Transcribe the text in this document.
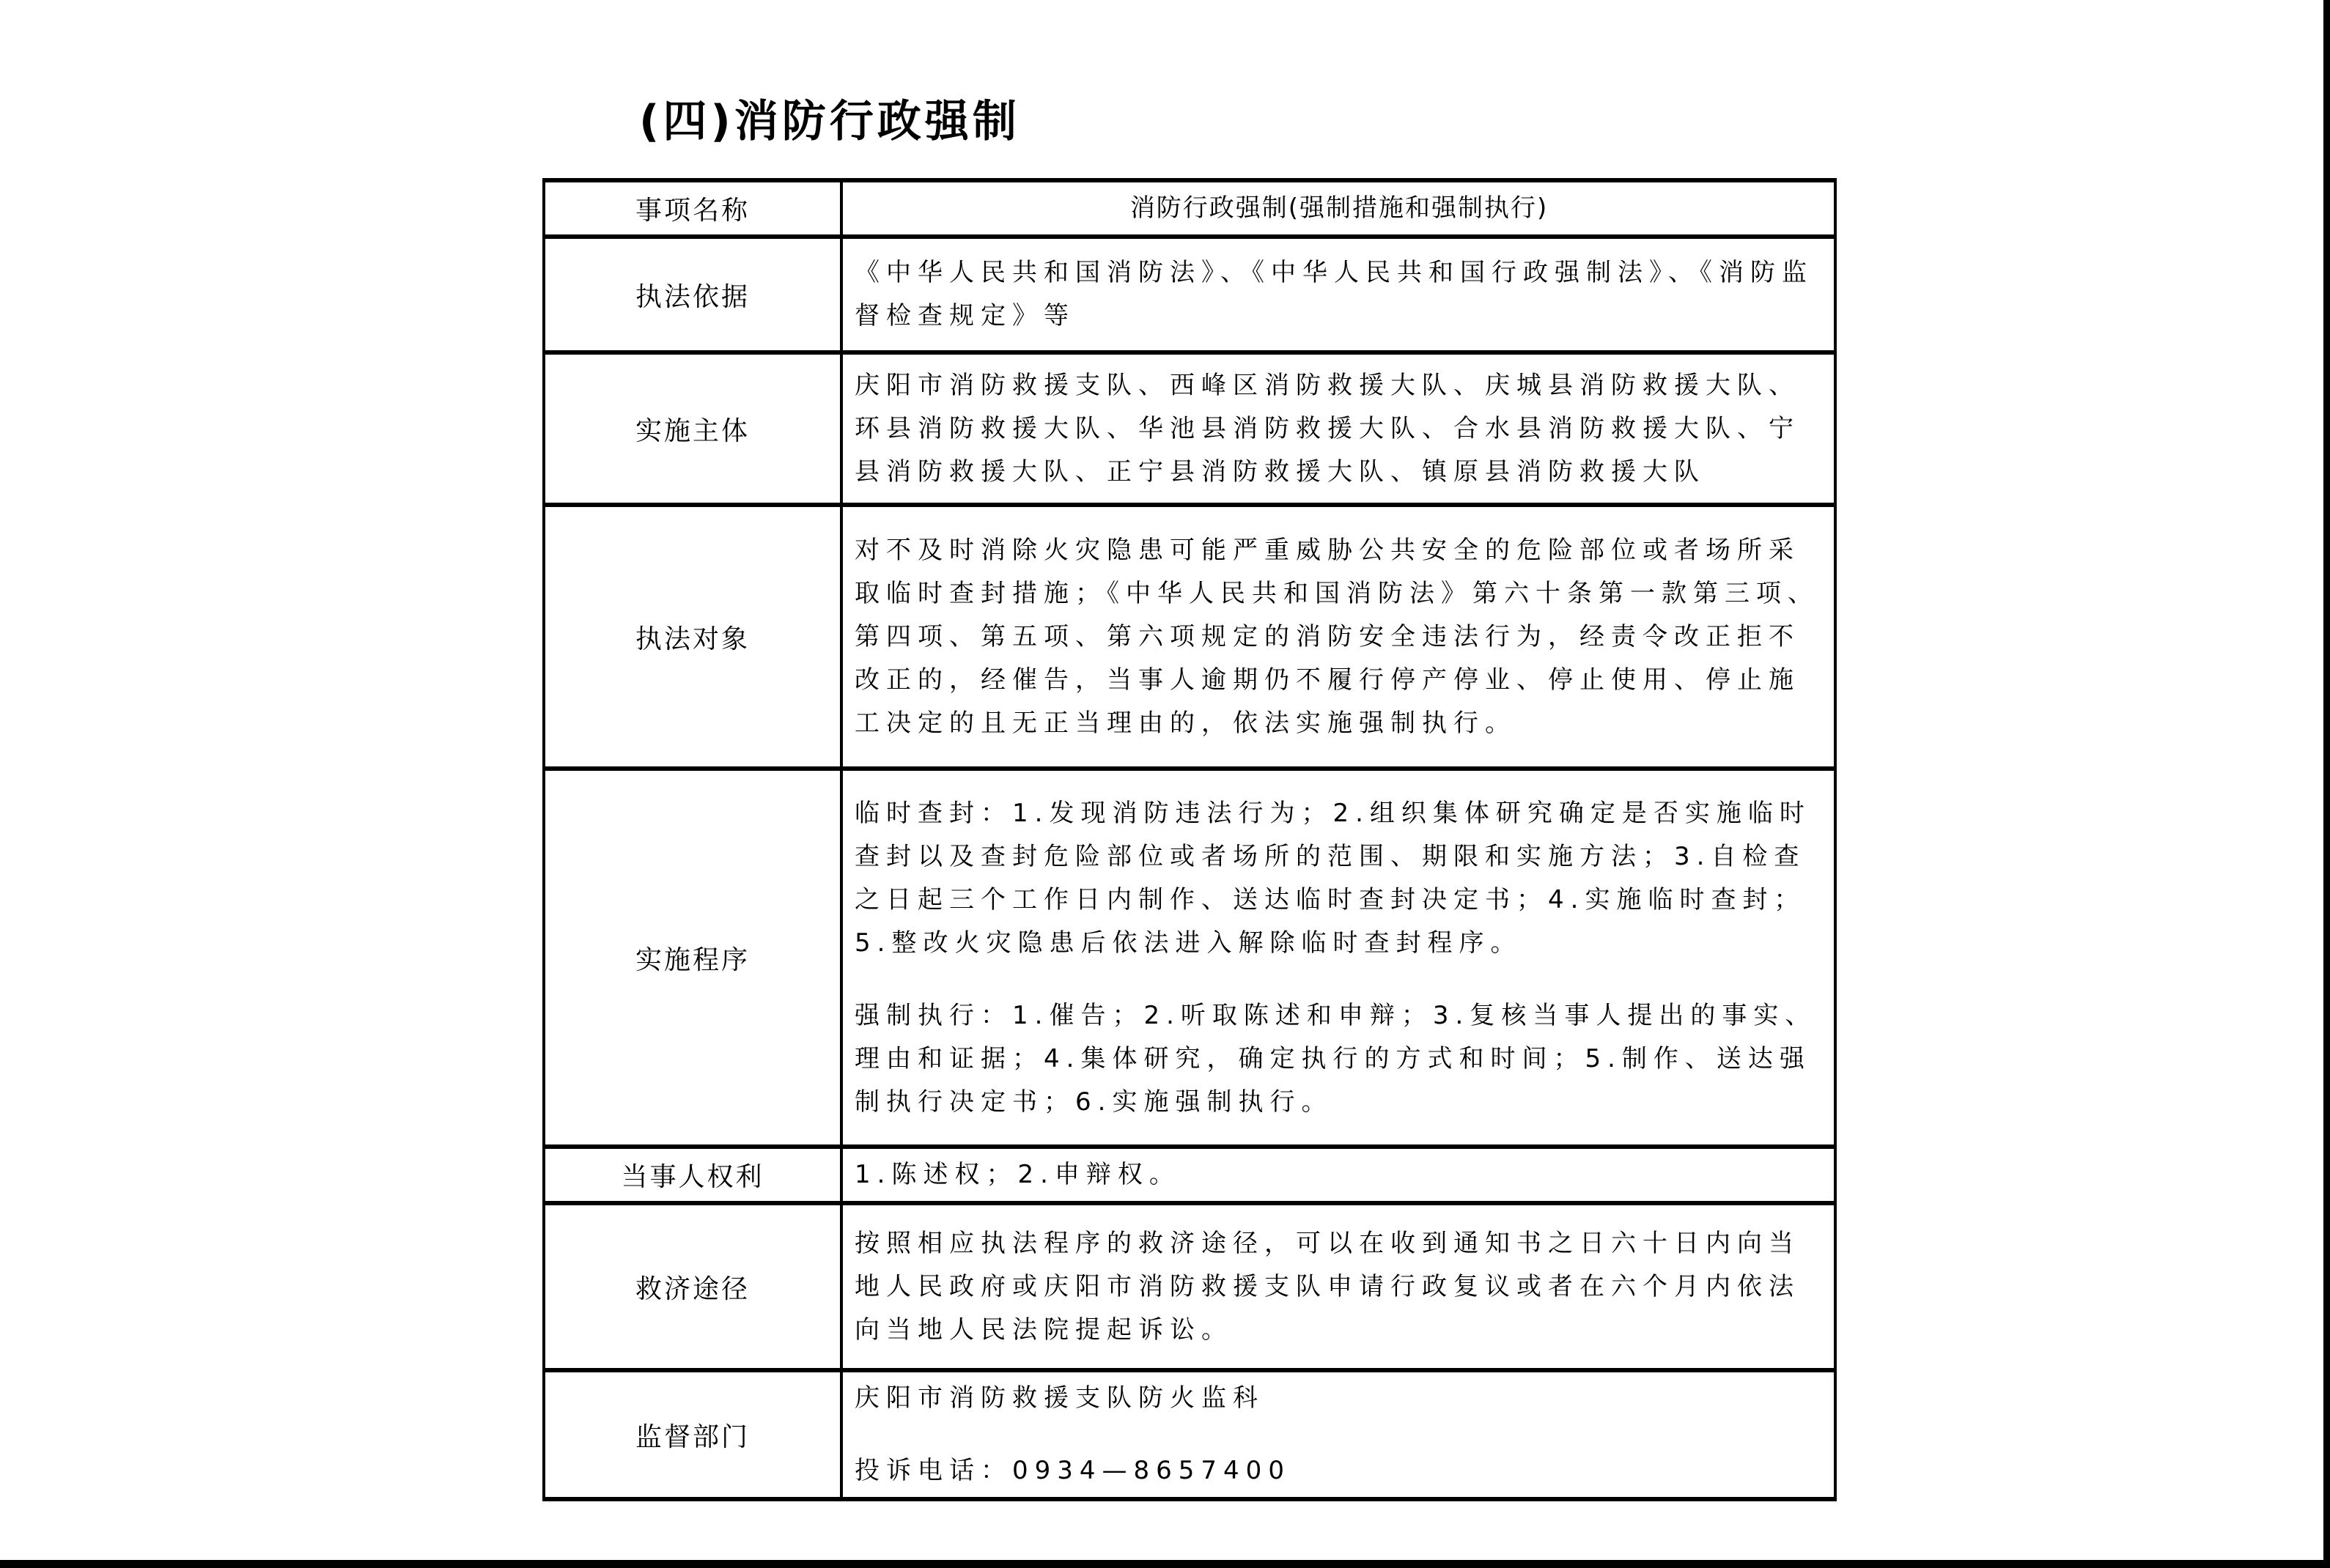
(四)消防行政强制
事项名称	消防行政强制(强制措施和强制执行)

执法依据	《中华人民共和国消防法》、《中华人民共和国行政强制法》、《消防监督检查规定》等

实施主体	庆阳市消防救援支队、西峰区消防救援大队、庆城县消防救援大队、环县消防救援大队、华池县消防救援大队、合水县消防救援大队、宁县消防救援大队、正宁县消防救援大队、镇原县消防救援大队

执法对象	对不及时消除火灾隐患可能严重威胁公共安全的危险部位或者场所采取临时查封措施；《中华人民共和国消防法》第六十条第一款第三项、第四项、第五项、第六项规定的消防安全违法行为，经责令改正拒不改正的，经催告，当事人逾期仍不履行停产停业、停止使用、停止施工决定的且无正当理由的，依法实施强制执行。

实施程序	临时查封：1.发现消防违法行为；2.组织集体研究确定是否实施临时查封以及查封危险部位或者场所的范围、期限和实施方法；3.自检查之日起三个工作日内制作、送达临时查封决定书；4.实施临时查封；5.整改火灾隐患后依法进入解除临时查封程序。

强制执行：1.催告；2.听取陈述和申辩；3.复核当事人提出的事实、理由和证据；4.集体研究，确定执行的方式和时间；5.制作、送达强制执行决定书；6.实施强制执行。

当事人权利	1.陈述权；2.申辩权。

救济途径	按照相应执法程序的救济途径，可以在收到通知书之日六十日内向当地人民政府或庆阳市消防救援支队申请行政复议或者在六个月内依法向当地人民法院提起诉讼。

监督部门	庆阳市消防救援支队防火监科

投诉电话：0934—8657400
